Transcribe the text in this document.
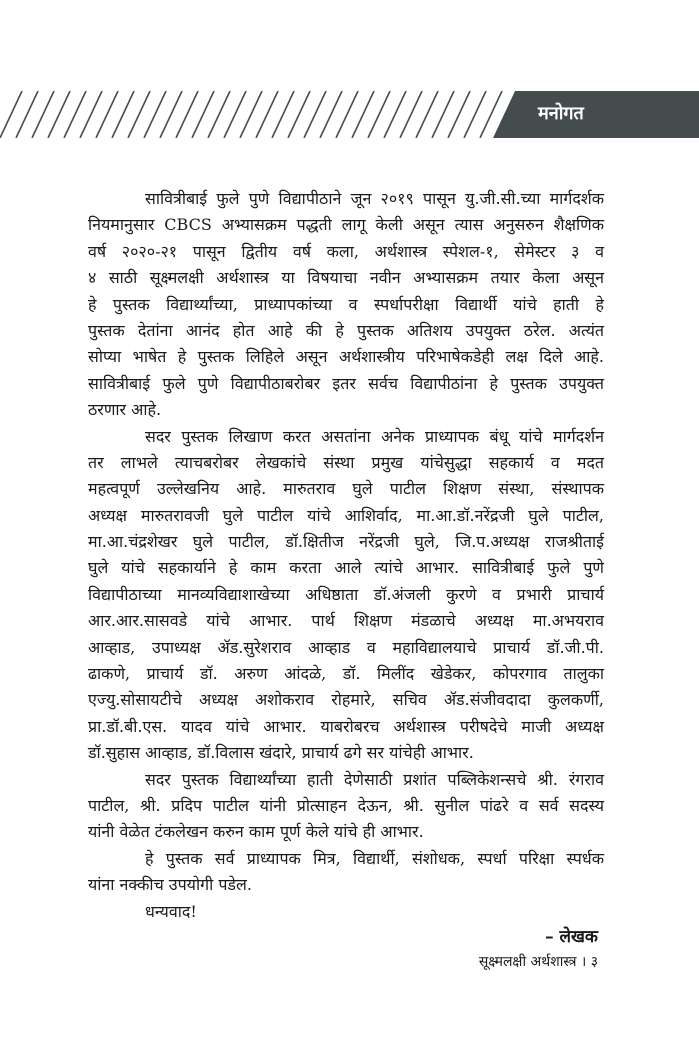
मनोगत
सावित्रीबाई फुले पुणे विद्यापीठाने जून २०१९ पासून यु.जी.सी.च्या मार्गदर्शक
नियमानुसार CBCS अभ्यासक्रम पद्धती लागू केली असून त्यास अनुसरुन शैक्षणिक
वर्ष २०२०-२१ पासून द्वितीय वर्ष कला, अर्थशास्त्र स्पेशल-१, सेमेस्टर ३ व
४ साठी सूक्ष्मलक्षी अर्थशास्त्र या विषयाचा नवीन अभ्यासक्रम तयार केला असून
हे पुस्तक विद्यार्थ्यांच्या, प्राध्यापकांच्या व स्पर्धापरीक्षा विद्यार्थी यांचे हाती हे
पुस्तक देतांना आनंद होत आहे की हे पुस्तक अतिशय उपयुक्त ठरेल. अत्यंत
सोप्या भाषेत हे पुस्तक लिहिले असून अर्थशास्त्रीय परिभाषेकडेही लक्ष दिले आहे.
सावित्रीबाई फुले पुणे विद्यापीठाबरोबर इतर सर्वच विद्यापीठांना हे पुस्तक उपयुक्त
ठरणार आहे.
सदर पुस्तक लिखाण करत असतांना अनेक प्राध्यापक बंधू यांचे मार्गदर्शन
तर लाभले त्याचबरोबर लेखकांचे संस्था प्रमुख यांचेसुद्धा सहकार्य व मदत
महत्वपूर्ण उल्लेखनिय आहे. मारुतराव घुले पाटील शिक्षण संस्था, संस्थापक
अध्यक्ष मारुतरावजी घुले पाटील यांचे आशिर्वाद, मा.आ.डॉ.नरेंद्रजी घुले पाटील,
मा.आ.चंद्रशेखर घुले पाटील, डॉ.क्षितीज नरेंद्रजी घुले, जि.प.अध्यक्ष राजश्रीताई
घुले यांचे सहकार्याने हे काम करता आले त्यांचे आभार. सावित्रीबाई फुले पुणे
विद्यापीठाच्या मानव्यविद्याशाखेच्या अधिष्ठाता डॉ.अंजली कुरणे व प्रभारी प्राचार्य
आर.आर.सासवडे यांचे आभार. पार्थ शिक्षण मंडळाचे अध्यक्ष मा.अभयराव
आव्हाड, उपाध्यक्ष ॲड.सुरेशराव आव्हाड व महाविद्यालयाचे प्राचार्य डॉ.जी.पी.
ढाकणे, प्राचार्य डॉ. अरुण आंदळे, डॉ. मिलींद खेडेकर, कोपरगाव तालुका
एज्यु.सोसायटीचे अध्यक्ष अशोकराव रोहमारे, सचिव ॲड.संजीवदादा कुलकर्णी,
प्रा.डॉ.बी.एस. यादव यांचे आभार. याबरोबरच अर्थशास्त्र परीषदेचे माजी अध्यक्ष
डॉ.सुहास आव्हाड, डॉ.विलास खंदारे, प्राचार्य ढगे सर यांचेही आभार.
सदर पुस्तक विद्यार्थ्यांच्या हाती देणेसाठी प्रशांत पब्लिकेशन्सचे श्री. रंगराव
पाटील, श्री. प्रदिप पाटील यांनी प्रोत्साहन देऊन, श्री. सुनील पांढरे व सर्व सदस्य
यांनी वेळेत टंकलेखन करुन काम पूर्ण केले यांचे ही आभार.
हे पुस्तक सर्व प्राध्यापक मित्र, विद्यार्थी, संशोधक, स्पर्धा परिक्षा स्पर्धक
यांना नक्कीच उपयोगी पडेल.
धन्यवाद!
– लेखक
सूक्ष्मलक्षी अर्थशास्त्र । ३
